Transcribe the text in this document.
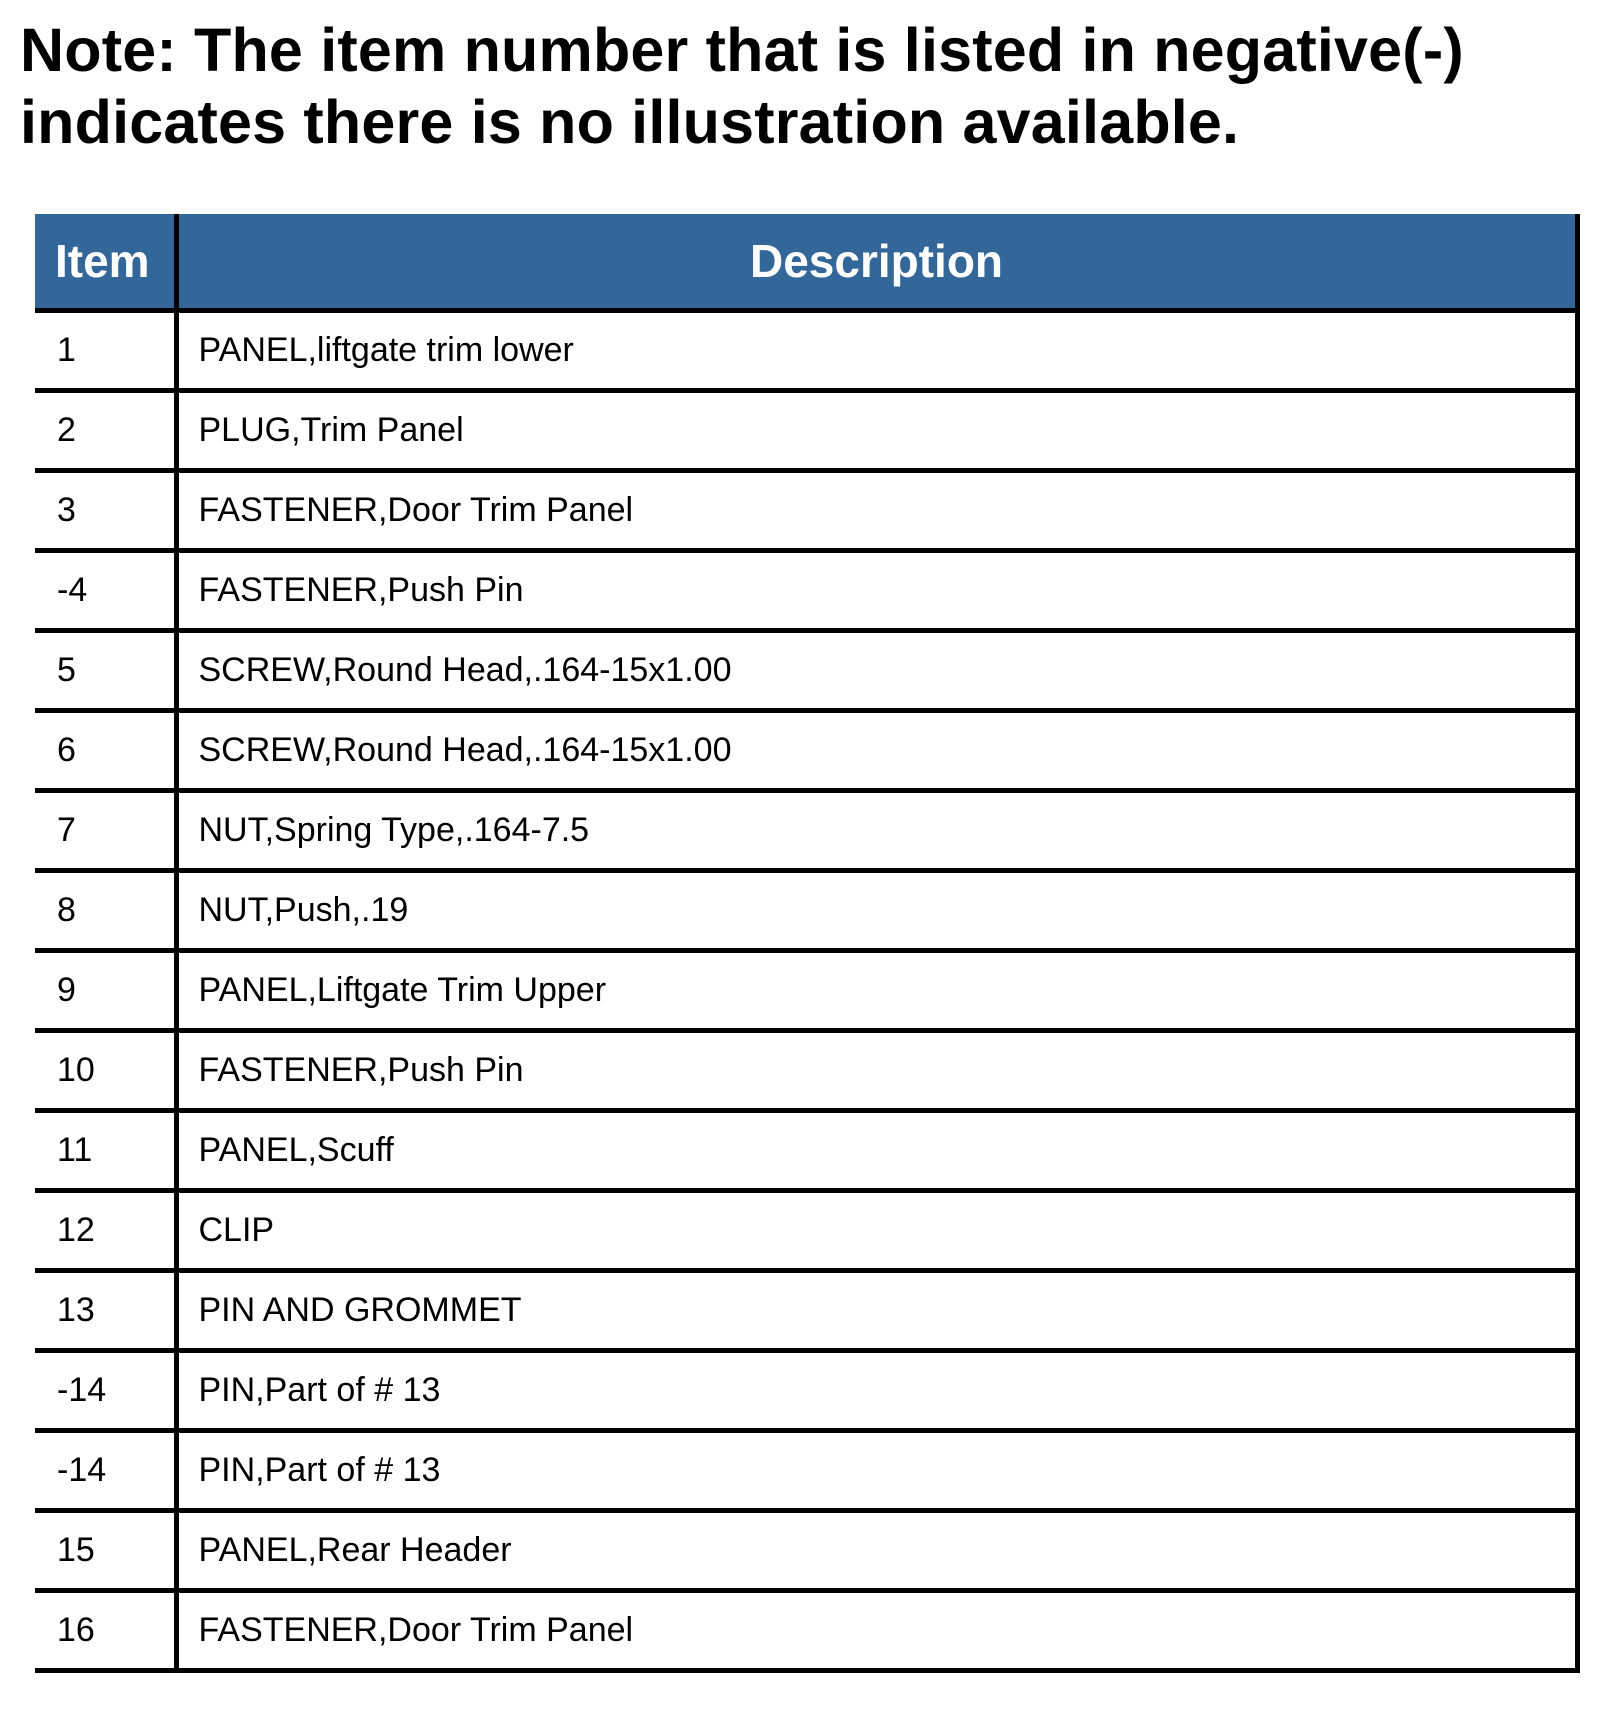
Note: The item number that is listed in negative(-) indicates there is no illustration available.

Item	Description
1	PANEL,liftgate trim lower
2	PLUG,Trim Panel
3	FASTENER,Door Trim Panel
-4	FASTENER,Push Pin
5	SCREW,Round Head,.164-15x1.00
6	SCREW,Round Head,.164-15x1.00
7	NUT,Spring Type,.164-7.5
8	NUT,Push,.19
9	PANEL,Liftgate Trim Upper
10	FASTENER,Push Pin
11	PANEL,Scuff
12	CLIP
13	PIN AND GROMMET
-14	PIN,Part of # 13
-14	PIN,Part of # 13
15	PANEL,Rear Header
16	FASTENER,Door Trim Panel
